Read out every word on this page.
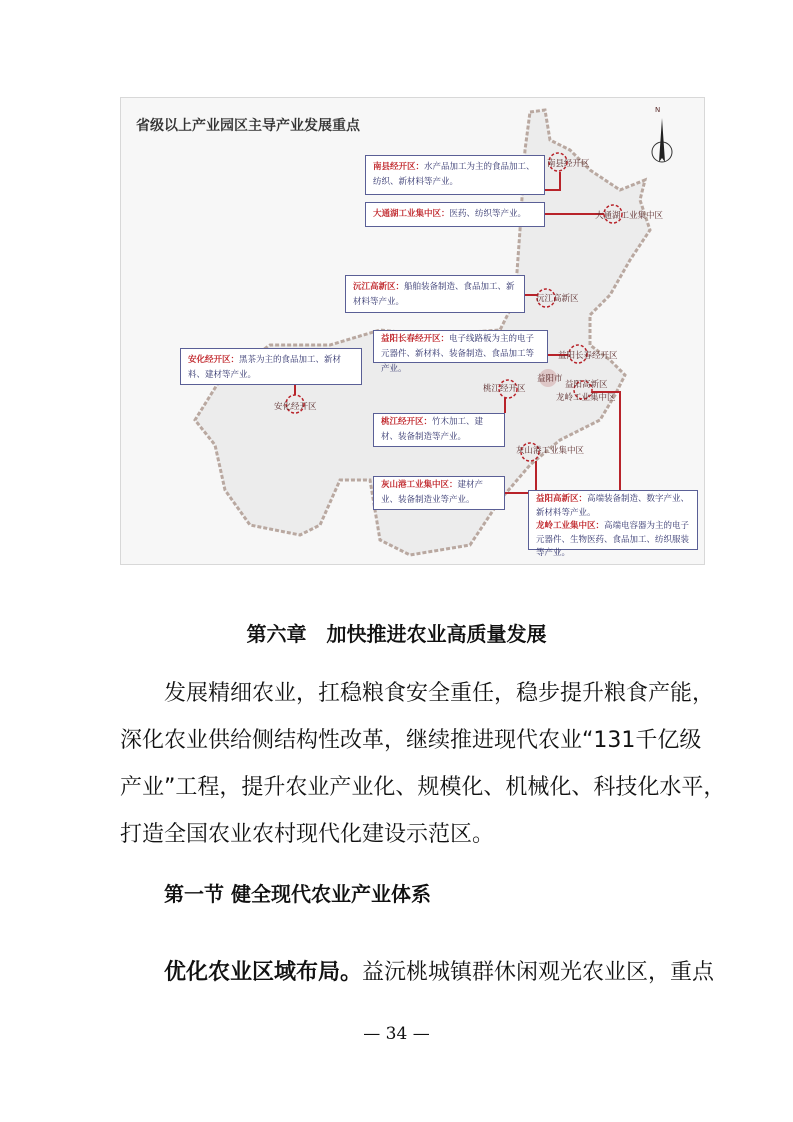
省级以上产业园区主导产业发展重点
N
南县经开区：水产品加工为主的食品加工、纺织、新材料等产业。
大通湖工业集中区：医药、纺织等产业。
沅江高新区：船舶装备制造、食品加工、新材料等产业。
益阳长春经开区：电子线路板为主的电子元器件、新材料、装备制造、食品加工等产业。
安化经开区：黑茶为主的食品加工、新材料、建材等产业。
桃江经开区：竹木加工、建材、装备制造等产业。
灰山港工业集中区：建材产业、装备制造业等产业。	益阳高新区：高端装备制造、数字产业、新材料等产业。
龙岭工业集中区：高端电容器为主的电子元器件、生物医药、食品加工、纺织服装等产业。
南县经开区
大通湖工业集中区
沅江高新区
益阳长春经开区
益阳市
桃江经开区	益阳高新区
龙岭工业集中区
安化经开区
灰山港工业集中区
第六章　加快推进农业高质量发展
发展精细农业，扛稳粮食安全重任，稳步提升粮食产能，
深化农业供给侧结构性改革，继续推进现代农业“131千亿级
产业”工程，提升农业产业化、规模化、机械化、科技化水平，
打造全国农业农村现代化建设示范区。
第一节 健全现代农业产业体系
优化农业区域布局。益沅桃城镇群休闲观光农业区，重点
— 34 —
